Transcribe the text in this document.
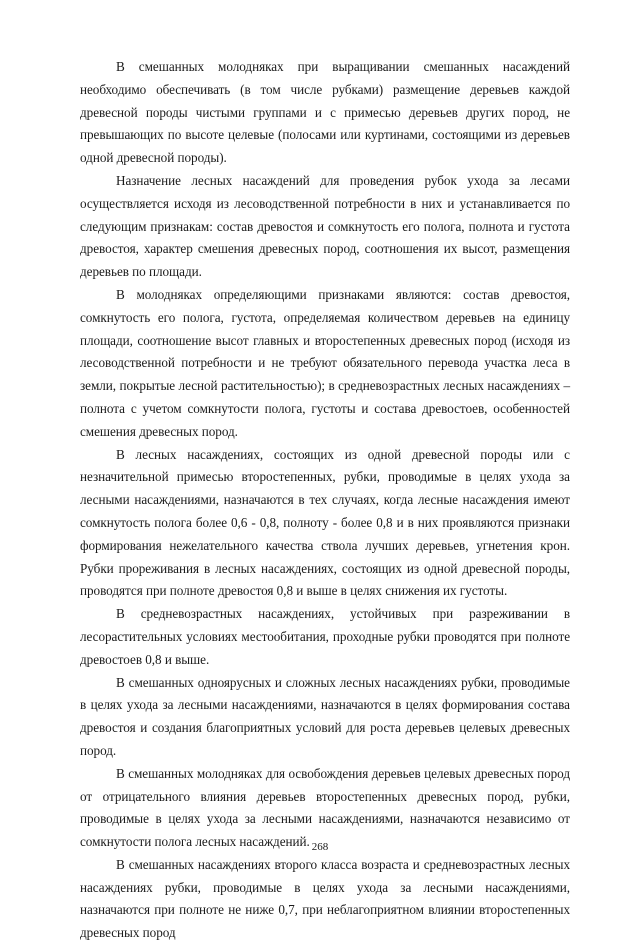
В смешанных молодняках при выращивании смешанных насаждений необходимо обеспечивать (в том числе рубками) размещение деревьев каждой древесной породы чистыми группами и с примесью деревьев других пород, не превышающих по высоте целевые (полосами или куртинами, состоящими из деревьев одной древесной породы).

Назначение лесных насаждений для проведения рубок ухода за лесами осуществляется исходя из лесоводственной потребности в них и устанавливается по следующим признакам: состав древостоя и сомкнутость его полога, полнота и густота древостоя, характер смешения древесных пород, соотношения их высот, размещения деревьев по площади.

В молодняках определяющими признаками являются: состав древостоя, сомкнутость его полога, густота, определяемая количеством деревьев на единицу площади, соотношение высот главных и второстепенных древесных пород (исходя из лесоводственной потребности и не требуют обязательного перевода участка леса в земли, покрытые лесной растительностью); в средневозрастных лесных насаждениях – полнота с учетом сомкнутости полога, густоты и состава древостоев, особенностей смешения древесных пород.

В лесных насаждениях, состоящих из одной древесной породы или с незначительной примесью второстепенных, рубки, проводимые в целях ухода за лесными насаждениями, назначаются в тех случаях, когда лесные насаждения имеют сомкнутость полога более 0,6 - 0,8, полноту - более 0,8 и в них проявляются признаки формирования нежелательного качества ствола лучших деревьев, угнетения крон. Рубки прореживания в лесных насаждениях, состоящих из одной древесной породы, проводятся при полноте древостоя 0,8 и выше в целях снижения их густоты.

В средневозрастных насаждениях, устойчивых при разреживании в лесорастительных условиях местообитания, проходные рубки проводятся при полноте древостоев 0,8 и выше.

В смешанных одноярусных и сложных лесных насаждениях рубки, проводимые в целях ухода за лесными насаждениями, назначаются в целях формирования состава древостоя и создания благоприятных условий для роста деревьев целевых древесных пород.

В смешанных молодняках для освобождения деревьев целевых древесных пород от отрицательного влияния деревьев второстепенных древесных пород, рубки, проводимые в целях ухода за лесными насаждениями, назначаются независимо от сомкнутости полога лесных насаждений.

В смешанных насаждениях второго класса возраста и средневозрастных лесных насаждениях рубки, проводимые в целях ухода за лесными насаждениями, назначаются при полноте не ниже 0,7, при неблагоприятном влиянии второстепенных древесных пород

268
